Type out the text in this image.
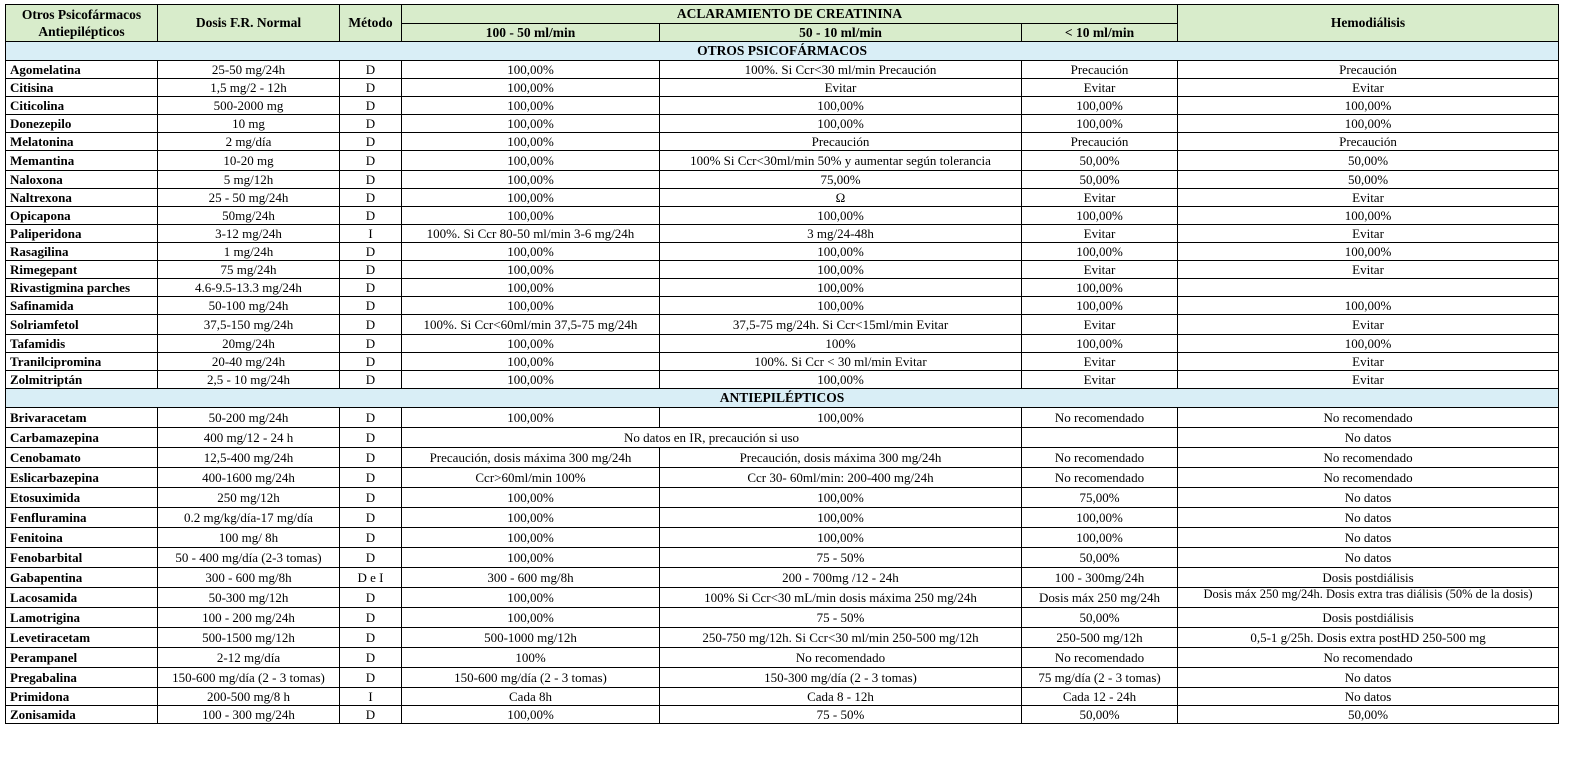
Otros Psicofármacos Antiepilépticos	Dosis F.R. Normal	Método	ACLARAMIENTO DE CREATININA			Hemodiálisis
			100 - 50 ml/min	50 - 10 ml/min	< 10 ml/min	
OTROS PSICOFÁRMACOS						
Agomelatina	25-50 mg/24h	D	100,00%	100%. Si Ccr<30 ml/min Precaución	Precaución	Precaución
Citisina	1,5 mg/2 - 12h	D	100,00%	Evitar	Evitar	Evitar
Citicolina	500-2000 mg	D	100,00%	100,00%	100,00%	100,00%
Donezepilo	10 mg	D	100,00%	100,00%	100,00%	100,00%
Melatonina	2 mg/día	D	100,00%	Precaución	Precaución	Precaución
Memantina	10-20 mg	D	100,00%	100% Si Ccr<30ml/min 50% y aumentar según tolerancia	50,00%	50,00%
Naloxona	5 mg/12h	D	100,00%	75,00%	50,00%	50,00%
Naltrexona	25 - 50 mg/24h	D	100,00%	Ω	Evitar	Evitar
Opicapona	50mg/24h	D	100,00%	100,00%	100,00%	100,00%
Paliperidona	3-12 mg/24h	I	100%. Si Ccr 80-50 ml/min 3-6 mg/24h	3 mg/24-48h	Evitar	Evitar
Rasagilina	1 mg/24h	D	100,00%	100,00%	100,00%	100,00%
Rimegepant	75 mg/24h	D	100,00%	100,00%	Evitar	Evitar
Rivastigmina parches	4.6-9.5-13.3 mg/24h	D	100,00%	100,00%	100,00%	
Safinamida	50-100 mg/24h	D	100,00%	100,00%	100,00%	100,00%
Solriamfetol	37,5-150 mg/24h	D	100%. Si Ccr<60ml/min 37,5-75 mg/24h	37,5-75 mg/24h. Si Ccr<15ml/min Evitar	Evitar	Evitar
Tafamidis	20mg/24h	D	100,00%	100%	100,00%	100,00%
Tranilcipromina	20-40 mg/24h	D	100,00%	100%. Si Ccr < 30 ml/min Evitar	Evitar	Evitar
Zolmitriptán	2,5 - 10 mg/24h	D	100,00%	100,00%	Evitar	Evitar
ANTIEPILÉPTICOS						
Brivaracetam	50-200 mg/24h	D	100,00%	100,00%	No recomendado	No recomendado
Carbamazepina	400 mg/12 - 24 h	D	No datos en IR, precaución si uso			No datos
Cenobamato	12,5-400 mg/24h	D	Precaución, dosis máxima 300 mg/24h	Precaución, dosis máxima 300 mg/24h	No recomendado	No recomendado
Eslicarbazepina	400-1600 mg/24h	D	Ccr>60ml/min 100%	Ccr 30- 60ml/min: 200-400 mg/24h	No recomendado	No recomendado
Etosuximida	250 mg/12h	D	100,00%	100,00%	75,00%	No datos
Fenfluramina	0.2 mg/kg/día-17 mg/día	D	100,00%	100,00%	100,00%	No datos
Fenitoina	100 mg/ 8h	D	100,00%	100,00%	100,00%	No datos
Fenobarbital	50 - 400 mg/día (2-3 tomas)	D	100,00%	75 - 50%	50,00%	No datos
Gabapentina	300 - 600 mg/8h	D e I	300 - 600 mg/8h	200 - 700mg /12 - 24h	100 - 300mg/24h	Dosis postdiálisis
Lacosamida	50-300 mg/12h	D	100,00%	100% Si Ccr<30 mL/min dosis máxima 250 mg/24h	Dosis máx 250 mg/24h	Dosis máx 250 mg/24h. Dosis extra tras diálisis (50% de la dosis)
Lamotrigina	100 - 200 mg/24h	D	100,00%	75 - 50%	50,00%	Dosis postdiálisis
Levetiracetam	500-1500 mg/12h	D	500-1000 mg/12h	250-750 mg/12h. Si Ccr<30 ml/min 250-500 mg/12h	250-500 mg/12h	0,5-1 g/25h. Dosis extra postHD 250-500 mg
Perampanel	2-12 mg/día	D	100%	No recomendado	No recomendado	No recomendado
Pregabalina	150-600 mg/día (2 - 3 tomas)	D	150-600 mg/día (2 - 3 tomas)	150-300 mg/día (2 - 3 tomas)	75 mg/día (2 - 3 tomas)	No datos
Primidona	200-500 mg/8 h	I	Cada 8h	Cada 8 - 12h	Cada 12 - 24h	No datos
Zonisamida	100 - 300 mg/24h	D	100,00%	75 - 50%	50,00%	50,00%
